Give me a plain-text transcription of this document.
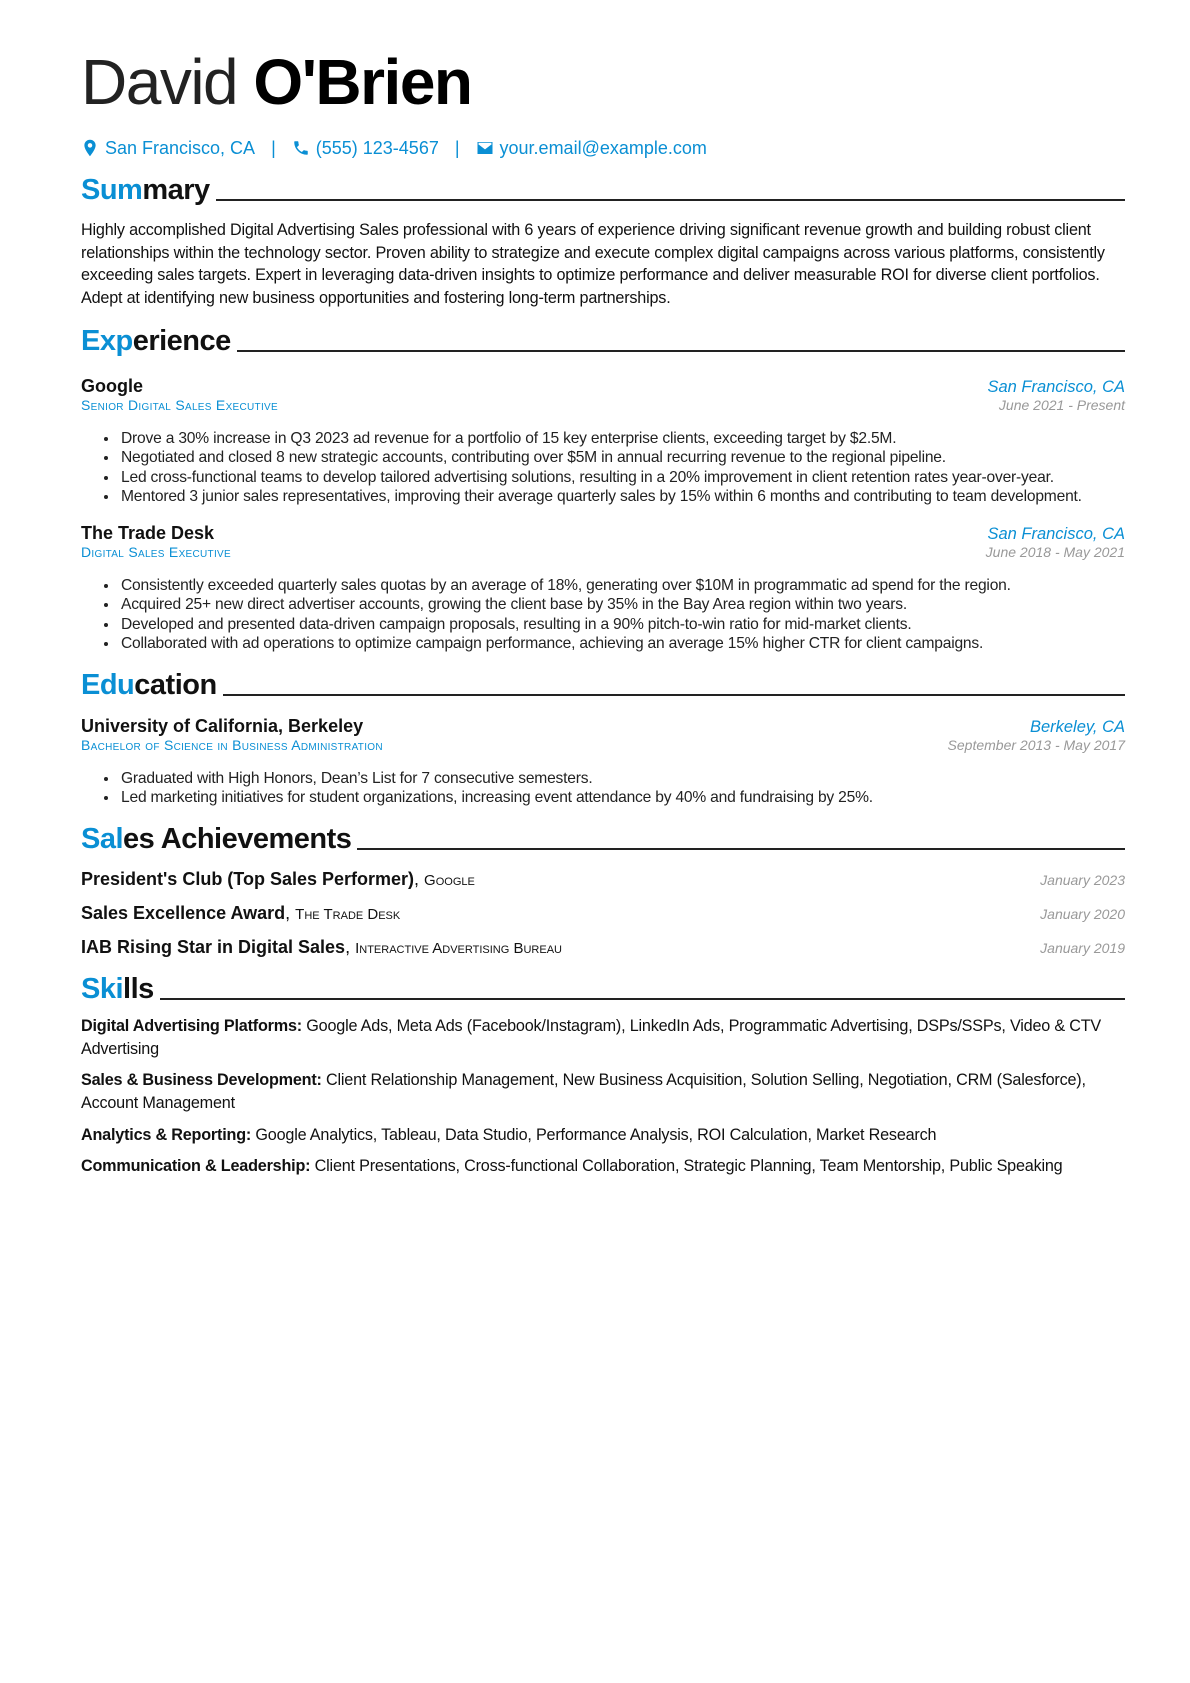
David O'Brien
San Francisco, CA |	(555) 123-4567 |	your.email@example.com
Summary

Highly accomplished Digital Advertising Sales professional with 6 years of experience driving significant revenue growth and building robust client relationships within the technology sector. Proven ability to strategize and execute complex digital campaigns across various platforms, consistently exceeding sales targets. Expert in leveraging data-driven insights to optimize performance and deliver measurable ROI for diverse client portfolios. Adept at identifying new business opportunities and fostering long-term partnerships.

Experience
Google	San Francisco, CA
Senior Digital Sales Executive	June 2021 - Present
• Drove a 30% increase in Q3 2023 ad revenue for a portfolio of 15 key enterprise clients, exceeding target by $2.5M.
• Negotiated and closed 8 new strategic accounts, contributing over $5M in annual recurring revenue to the regional pipeline.
• Led cross-functional teams to develop tailored advertising solutions, resulting in a 20% improvement in client retention rates year-over-year.
• Mentored 3 junior sales representatives, improving their average quarterly sales by 15% within 6 months and contributing to team development.
The Trade Desk	San Francisco, CA
Digital Sales Executive	June 2018 - May 2021
• Consistently exceeded quarterly sales quotas by an average of 18%, generating over $10M in programmatic ad spend for the region.
• Acquired 25+ new direct advertiser accounts, growing the client base by 35% in the Bay Area region within two years.
• Developed and presented data-driven campaign proposals, resulting in a 90% pitch-to-win ratio for mid-market clients.
• Collaborated with ad operations to optimize campaign performance, achieving an average 15% higher CTR for client campaigns.
Education
University of California, Berkeley	Berkeley, CA
Bachelor of Science in Business Administration	September 2013 - May 2017
• Graduated with High Honors, Dean’s List for 7 consecutive semesters.
• Led marketing initiatives for student organizations, increasing event attendance by 40% and fundraising by 25%.
Sales Achievements
President's Club (Top Sales Performer), Google	January 2023
Sales Excellence Award, The Trade Desk	January 2020
IAB Rising Star in Digital Sales, Interactive Advertising Bureau	January 2019
Skills
Digital Advertising Platforms: Google Ads, Meta Ads (Facebook/Instagram), LinkedIn Ads, Programmatic Advertising, DSPs/SSPs, Video & CTV Advertising
Sales & Business Development: Client Relationship Management, New Business Acquisition, Solution Selling, Negotiation, CRM (Salesforce), Account Management
Analytics & Reporting: Google Analytics, Tableau, Data Studio, Performance Analysis, ROI Calculation, Market Research
Communication & Leadership: Client Presentations, Cross-functional Collaboration, Strategic Planning, Team Mentorship, Public Speaking
